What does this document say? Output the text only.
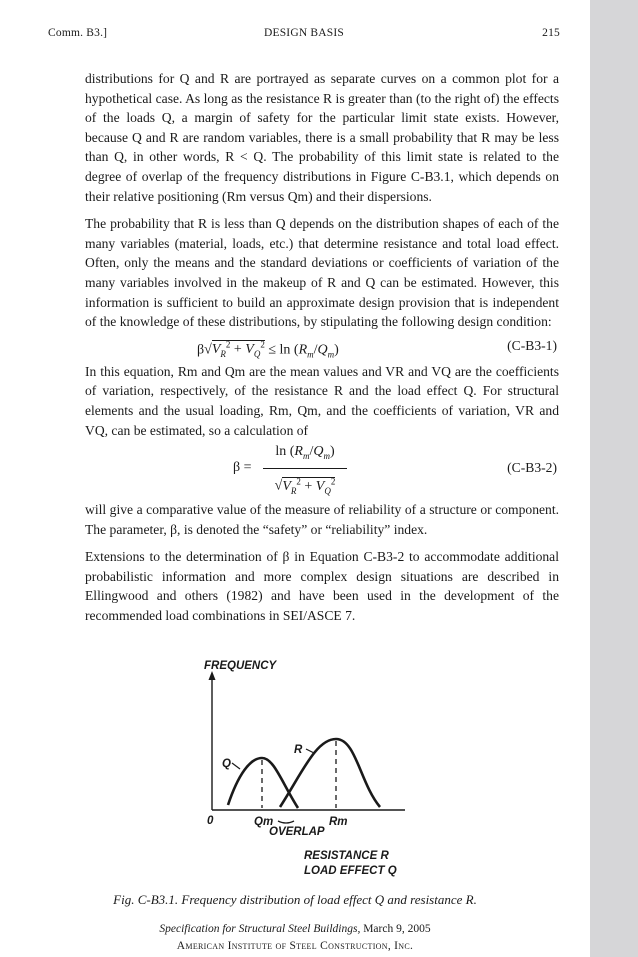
Comm. B3.]	DESIGN BASIS	215

distributions for Q and R are portrayed as separate curves on a common plot for a hypothetical case. As long as the resistance R is greater than (to the right of) the effects of the loads Q, a margin of safety for the particular limit state exists. However, because Q and R are random variables, there is a small probability that R may be less than Q, in other words, R < Q. The probability of this limit state is related to the degree of overlap of the frequency distributions in Figure C-B3.1, which depends on their relative positioning (Rm versus Qm) and their dispersions.

The probability that R is less than Q depends on the distribution shapes of each of the many variables (material, loads, etc.) that determine resistance and total load effect. Often, only the means and the standard deviations or coefficients of variation of the many variables involved in the makeup of R and Q can be estimated. However, this information is sufficient to build an approximate design provision that is independent of the knowledge of these distributions, by stipulating the following design condition:

$\beta√V_R^2 + V_Q^2 \le \ln (R_m/Q_m)$	(C-B3-1)

In this equation, Rm and Qm are the mean values and VR and VQ are the coefficients of variation, respectively, of the resistance R and the load effect Q. For structural elements and the usual loading, Rm, Qm, and the coefficients of variation, VR and VQ, can be estimated, so a calculation of

$\beta = \frac{\ln (R_m/Q_m)}{√V_R^2 + V_Q^2}$	(C-B3-2)

will give a comparative value of the measure of reliability of a structure or component. The parameter, β, is denoted the “safety” or “reliability” index.

Extensions to the determination of β in Equation C-B3-2 to accommodate additional probabilistic information and more complex design situations are described in Ellingwood and others (1982) and have been used in the development of the recommended load combinations in SEI/ASCE 7.

FREQUENCY
0
Q
R
Qm	Rm
OVERLAP
RESISTANCE R
LOAD EFFECT Q
Fig. C-B3.1. Frequency distribution of load effect Q and resistance R.
Specification for Structural Steel Buildings, March 9, 2005
American Institute of Steel Construction, Inc.
